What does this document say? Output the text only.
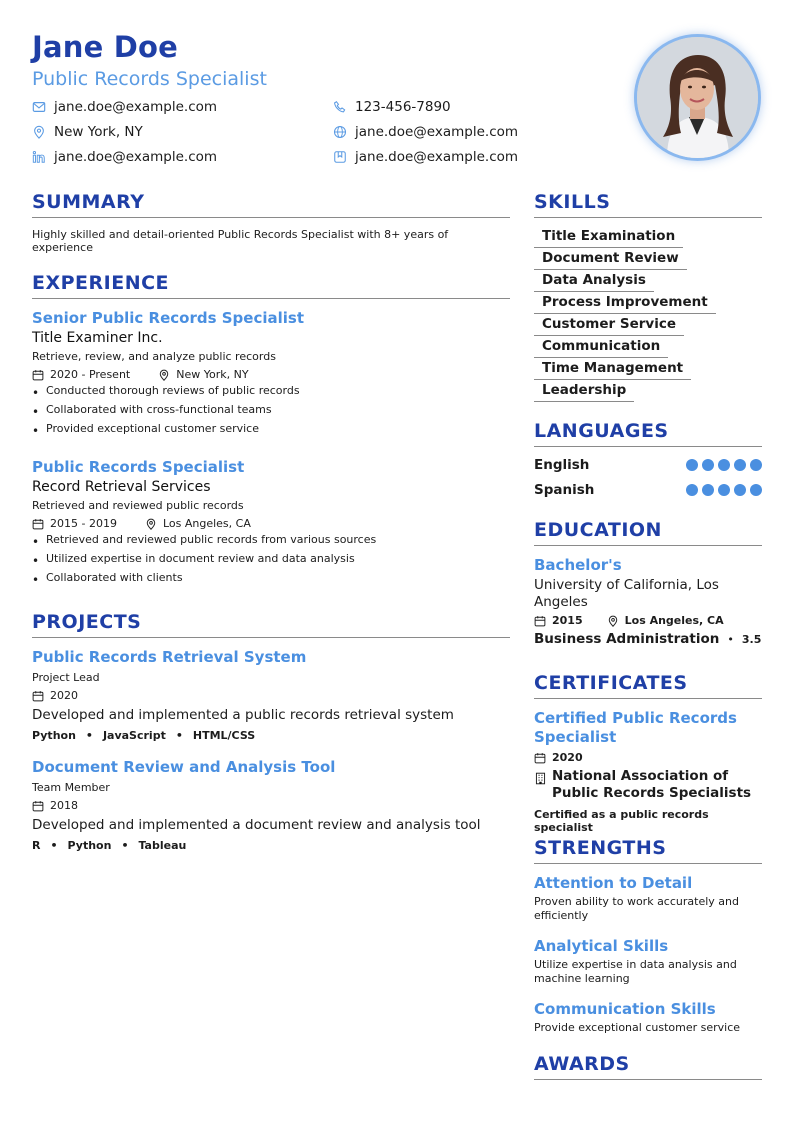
Jane Doe
Public Records Specialist
jane.doe@example.com	123-456-7890
New York, NY	jane.doe@example.com
jane.doe@example.com	jane.doe@example.com
SUMMARY
Highly skilled and detail-oriented Public Records Specialist with 8+ years of experience
EXPERIENCE
Senior Public Records Specialist
Title Examiner Inc.
Retrieve, review, and analyze public records
2020 - Present	New York, NY
• Conducted thorough reviews of public records
• Collaborated with cross-functional teams
• Provided exceptional customer service
Public Records Specialist
Record Retrieval Services
Retrieved and reviewed public records
2015 - 2019	Los Angeles, CA
• Retrieved and reviewed public records from various sources
• Utilized expertise in document review and data analysis
• Collaborated with clients
PROJECTS
Public Records Retrieval System
Project Lead
2020
Developed and implemented a public records retrieval system
Python • JavaScript • HTML/CSS
Document Review and Analysis Tool
Team Member
2018
Developed and implemented a document review and analysis tool
R • Python • Tableau
SKILLS
Title Examination
Document Review
Data Analysis
Process Improvement
Customer Service
Communication
Time Management
Leadership
LANGUAGES
English
Spanish
EDUCATION
Bachelor's
University of California, Los Angeles
2015	Los Angeles, CA
Business Administration • 3.5
CERTIFICATES
Certified Public Records Specialist
2020
National Association of Public Records Specialists
Certified as a public records specialist
STRENGTHS
Attention to Detail
Proven ability to work accurately and efficiently
Analytical Skills
Utilize expertise in data analysis and machine learning
Communication Skills
Provide exceptional customer service
AWARDS
